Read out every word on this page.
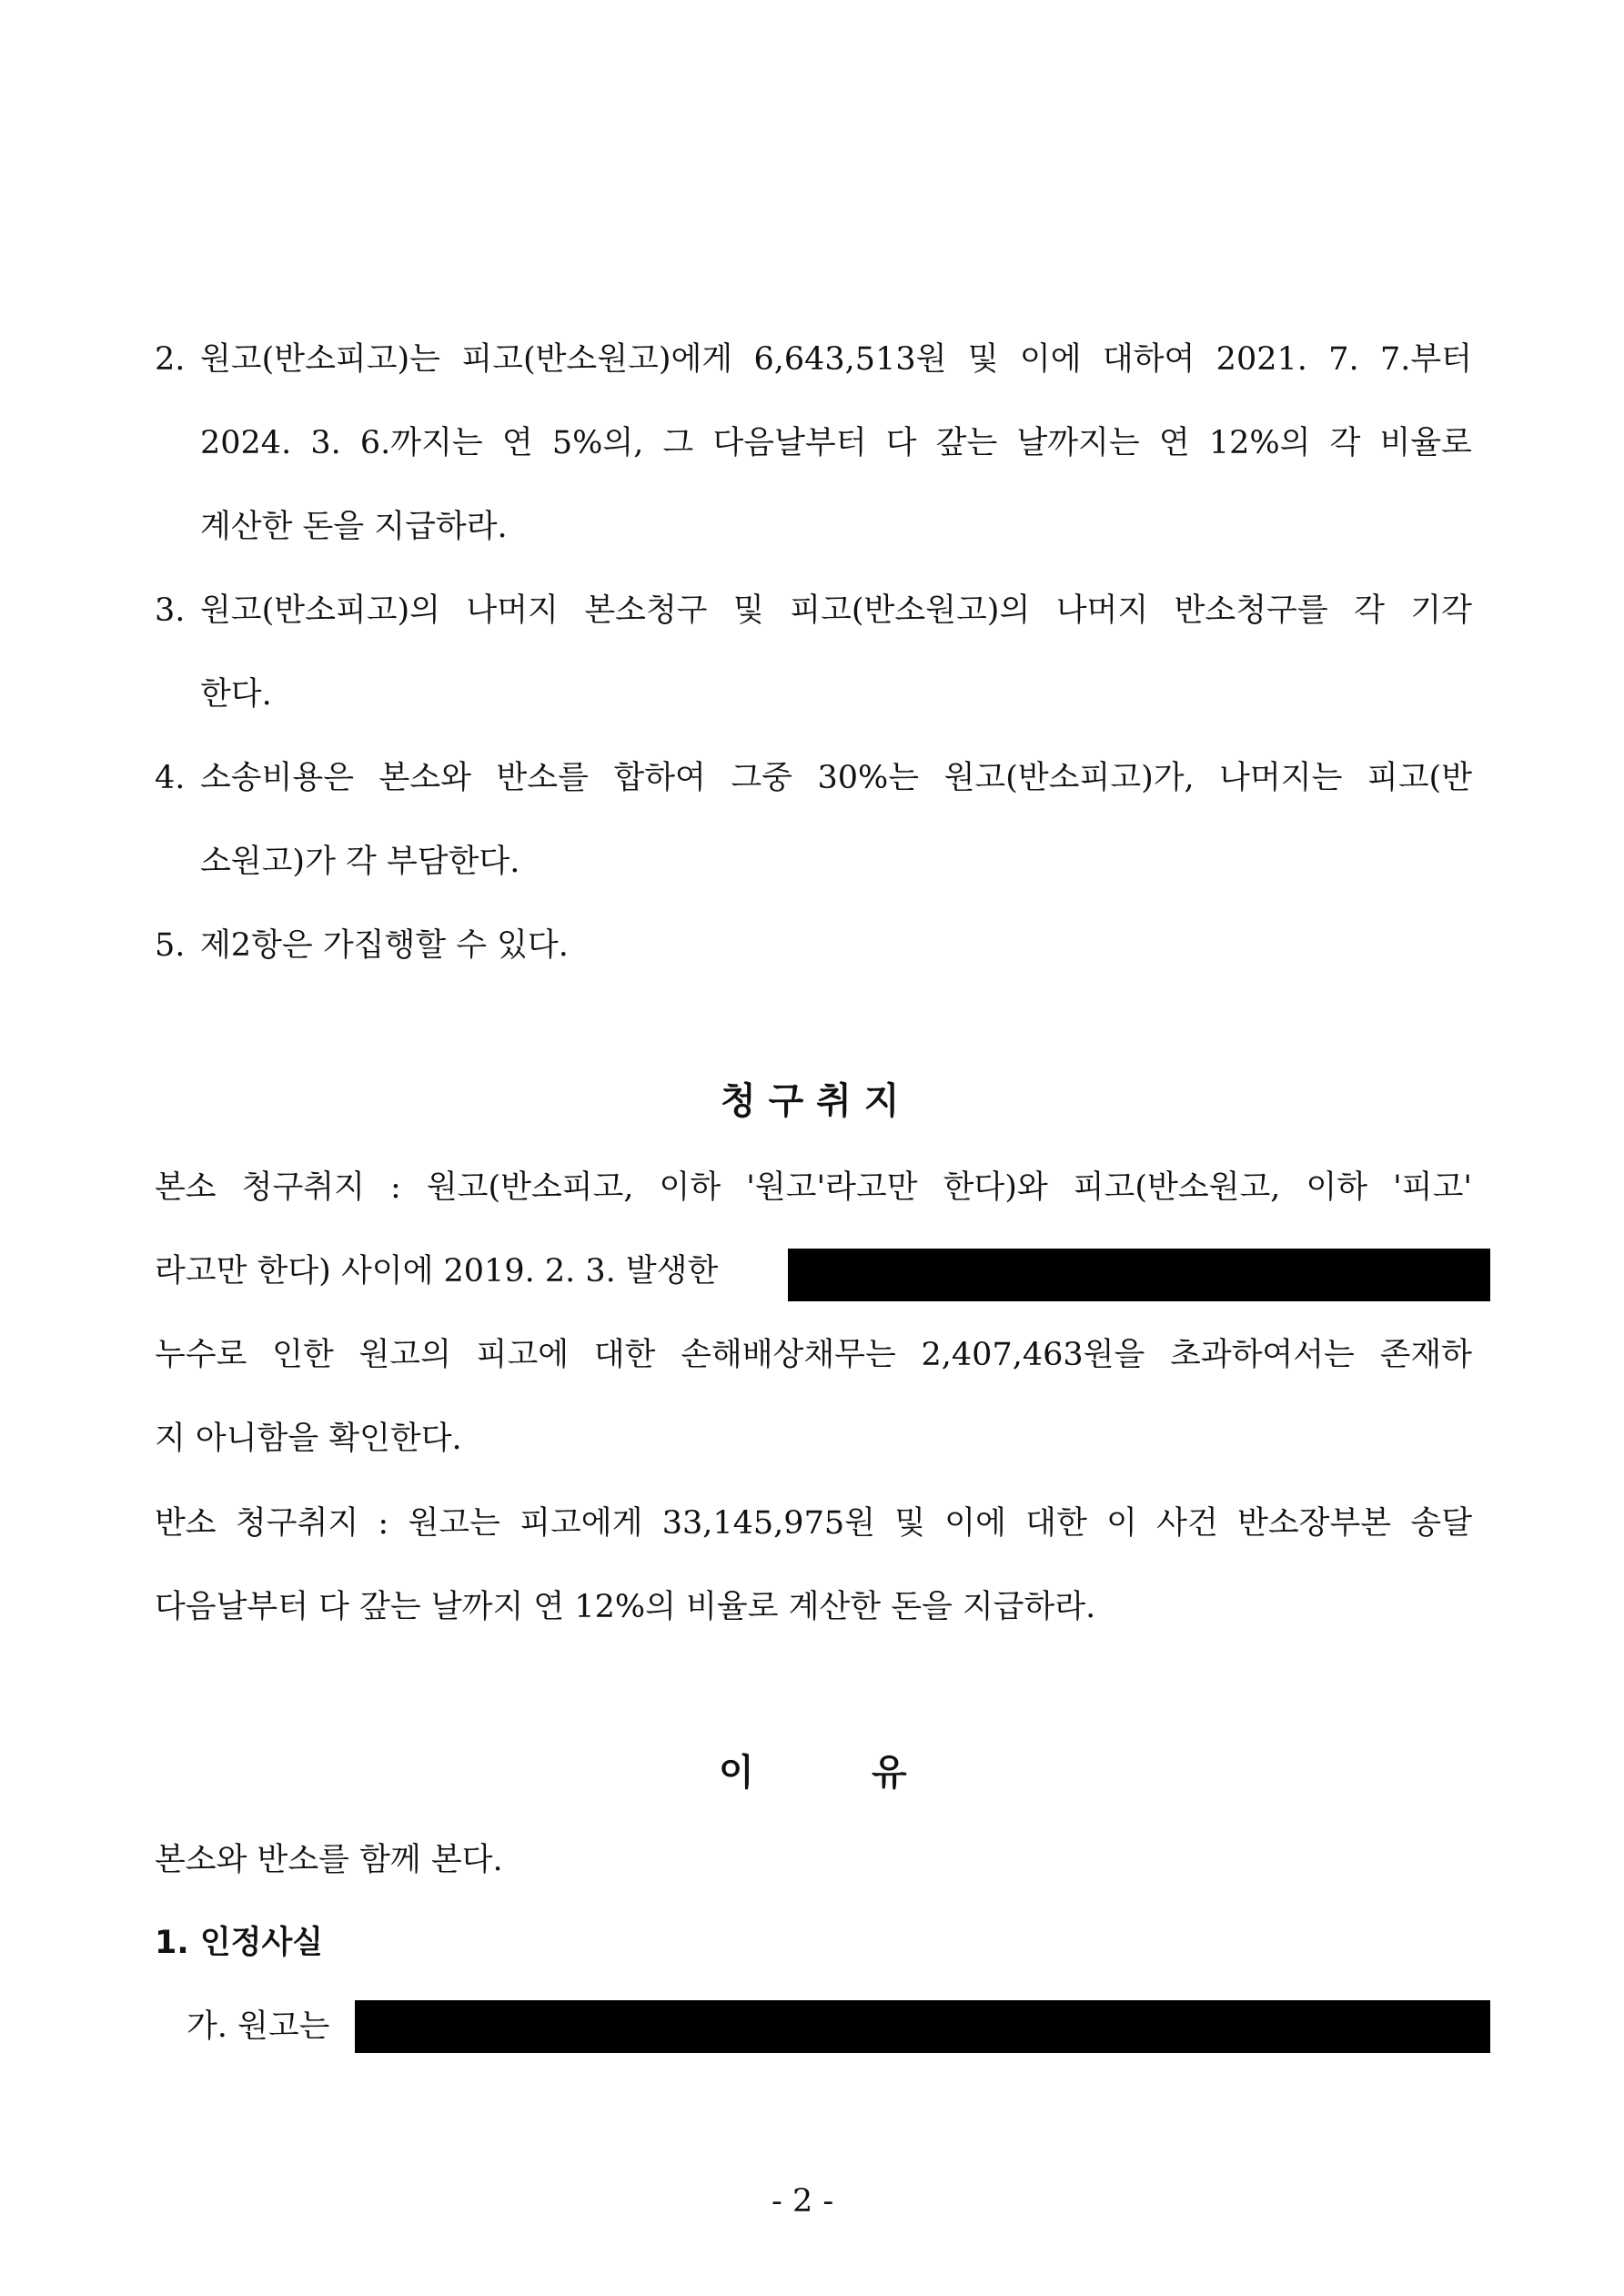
2. 원고(반소피고)는 피고(반소원고)에게 6,643,513원 및 이에 대하여 2021. 7. 7.부터
2024. 3. 6.까지는 연 5%의, 그 다음날부터 다 갚는 날까지는 연 12%의 각 비율로
계산한 돈을 지급하라.
3. 원고(반소피고)의 나머지 본소청구 및 피고(반소원고)의 나머지 반소청구를 각 기각
한다.
4. 소송비용은 본소와 반소를 합하여 그중 30%는 원고(반소피고)가, 나머지는 피고(반
소원고)가 각 부담한다.
5. 제2항은 가집행할 수 있다.
청 구 취 지
본소 청구취지 : 원고(반소피고, 이하 '원고'라고만 한다)와 피고(반소원고, 이하 '피고'
라고만 한다) 사이에 2019. 2. 3. 발생한
누수로 인한 원고의 피고에 대한 손해배상채무는 2,407,463원을 초과하여서는 존재하
지 아니함을 확인한다.
반소 청구취지 : 원고는 피고에게 33,145,975원 및 이에 대한 이 사건 반소장부본 송달
다음날부터 다 갚는 날까지 연 12%의 비율로 계산한 돈을 지급하라.
이	유
본소와 반소를 함께 본다.
1. 인정사실
가. 원고는
- 2 -
